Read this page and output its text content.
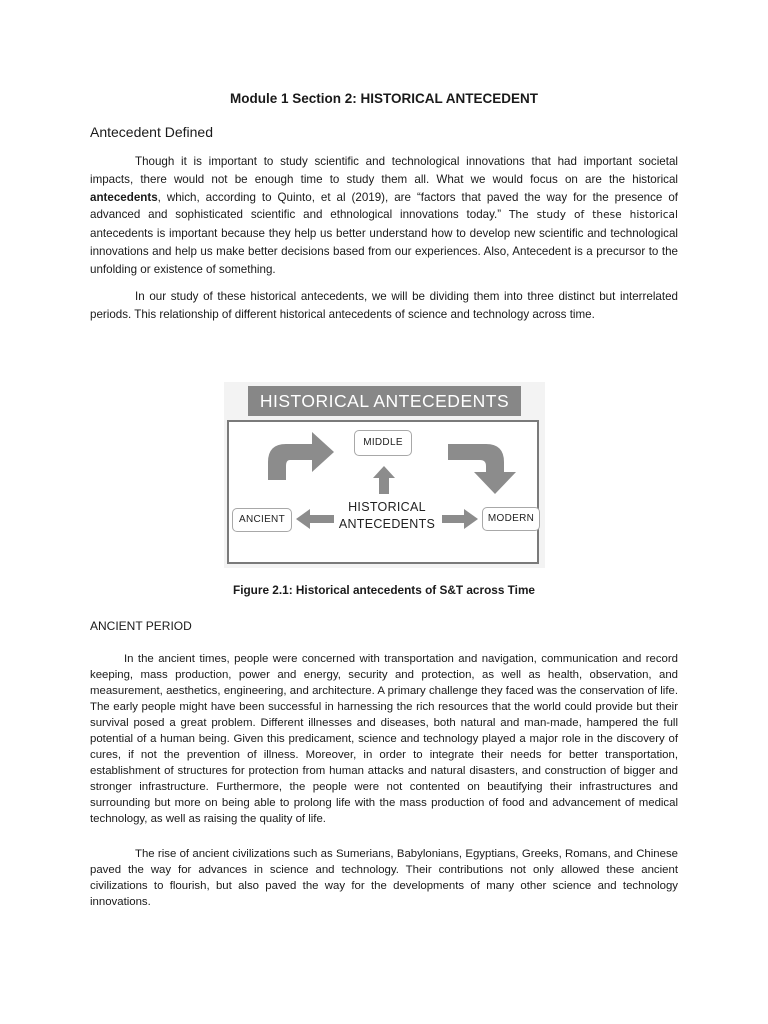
Module 1 Section 2: HISTORICAL ANTECEDENT
Antecedent Defined

Though it is important to study scientific and technological innovations that had important societal impacts, there would not be enough time to study them all. What we would focus on are the historical antecedents, which, according to Quinto, et al (2019), are “factors that paved the way for the presence of advanced and sophisticated scientific and ethnological innovations today.” The study of these historical antecedents is important because they help us better understand how to develop new scientific and technological innovations and help us make better decisions based from our experiences. Also, Antecedent is a precursor to the unfolding or existence of something.

In our study of these historical antecedents, we will be dividing them into three distinct but interrelated periods. This relationship of different historical antecedents of science and technology across time.

HISTORICAL ANTECEDENTS
MIDDLE
ANCIENT	MODERN
HISTORICAL
ANTECEDENTS
Figure 2.1: Historical antecedents of S&T across Time
ANCIENT PERIOD

In the ancient times, people were concerned with transportation and navigation, communication and record keeping, mass production, power and energy, security and protection, as well as health, observation, and measurement, aesthetics, engineering, and architecture. A primary challenge they faced was the conservation of life. The early people might have been successful in harnessing the rich resources that the world could provide but their survival posed a great problem. Different illnesses and diseases, both natural and man-made, hampered the full potential of a human being. Given this predicament, science and technology played a major role in the discovery of cures, if not the prevention of illness. Moreover, in order to integrate their needs for better transportation, establishment of structures for protection from human attacks and natural disasters, and construction of bigger and stronger infrastructure. Furthermore, the people were not contented on beautifying their infrastructures and surrounding but more on being able to prolong life with the mass production of food and advancement of medical technology, as well as raising the quality of life.

The rise of ancient civilizations such as Sumerians, Babylonians, Egyptians, Greeks, Romans, and Chinese paved the way for advances in science and technology. Their contributions not only allowed these ancient civilizations to flourish, but also paved the way for the developments of many other science and technology innovations.
